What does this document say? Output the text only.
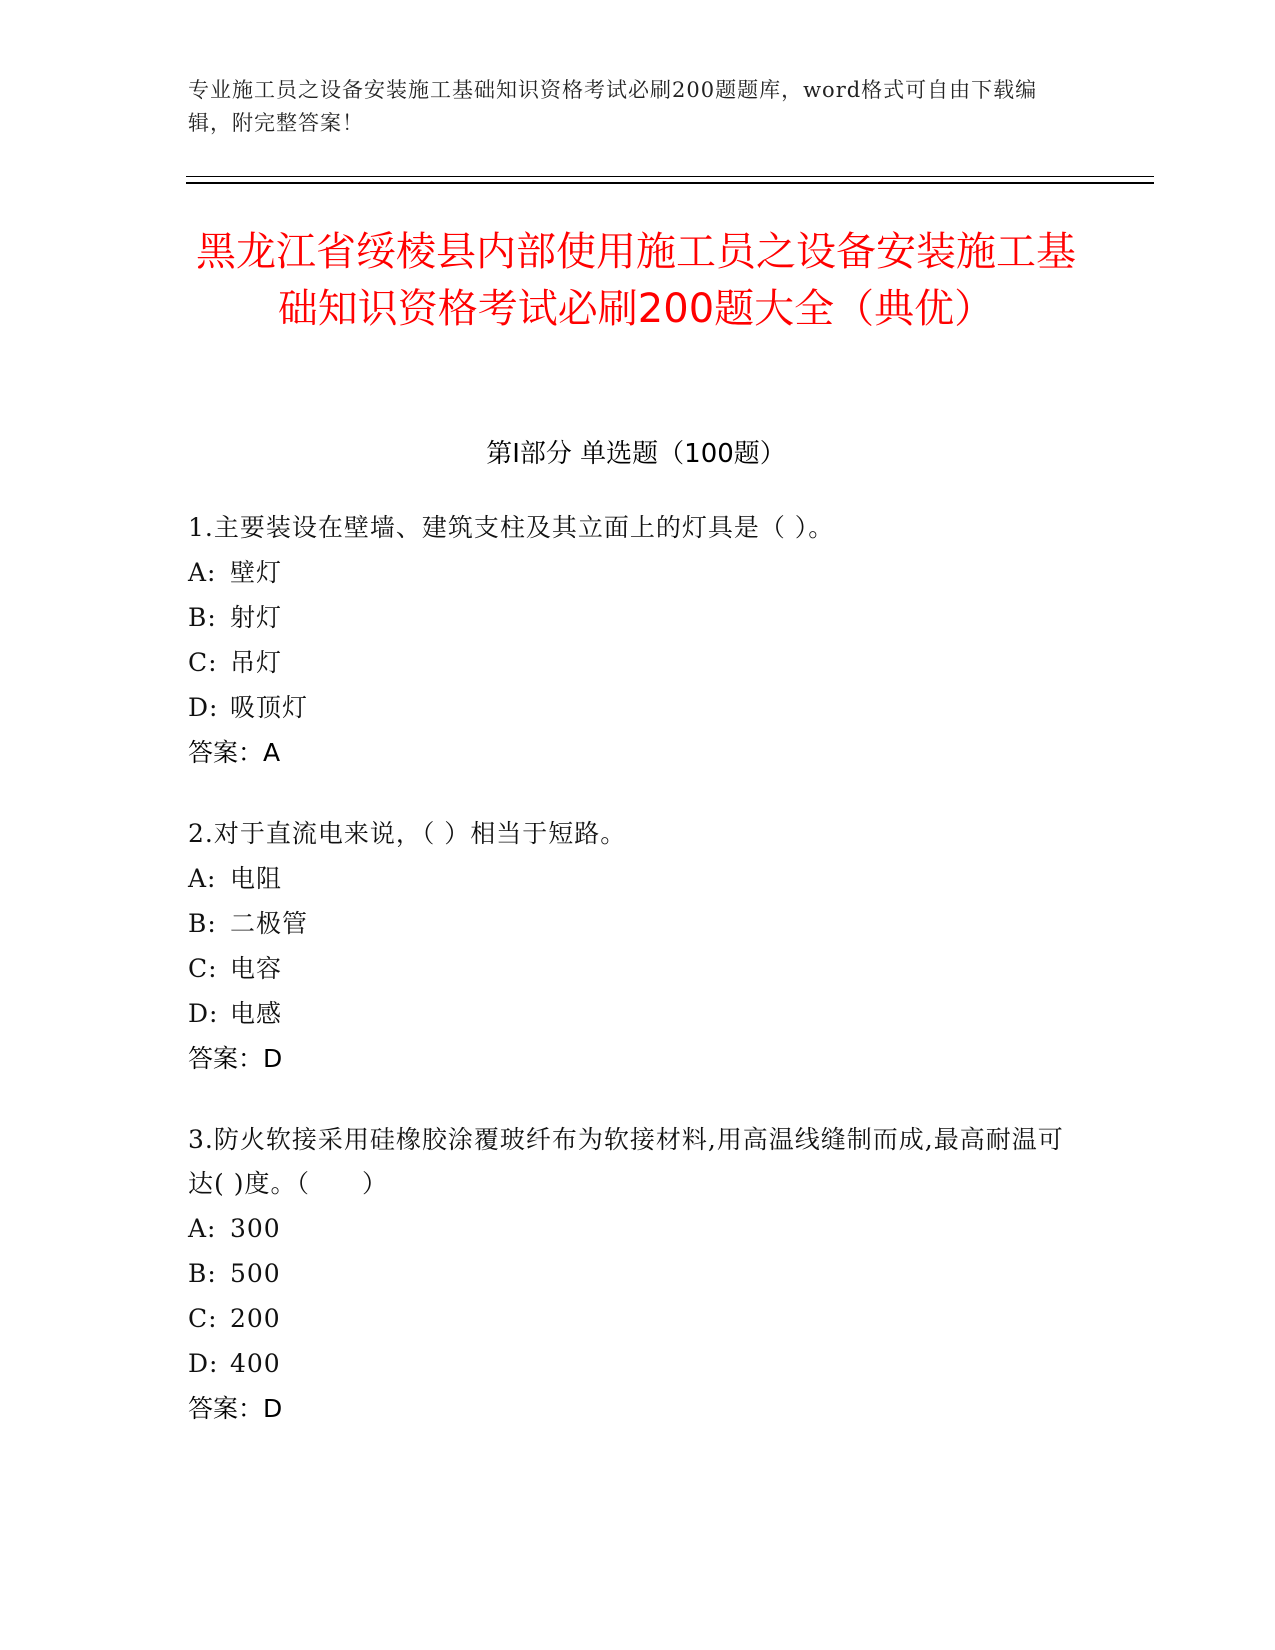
专业施工员之设备安装施工基础知识资格考试必刷200题题库，word格式可自由下载编辑，附完整答案！
黑龙江省绥棱县内部使用施工员之设备安装施工基础知识资格考试必刷200题大全（典优）
第Ⅰ部分 单选题（100题）

1.主要装设在壁墙、建筑支柱及其立面上的灯具是（ ）。

A: 壁灯

B: 射灯

C: 吊灯

D: 吸顶灯

答案：A

2.对于直流电来说，（ ）相当于短路。

A: 电阻

B: 二极管

C: 电容

D: 电感

答案：D

3.防火软接采用硅橡胶涂覆玻纤布为软接材料,用高温线缝制而成,最高耐温可达( )度。（　　）

A: 300

B: 500

C: 200

D: 400

答案：D
